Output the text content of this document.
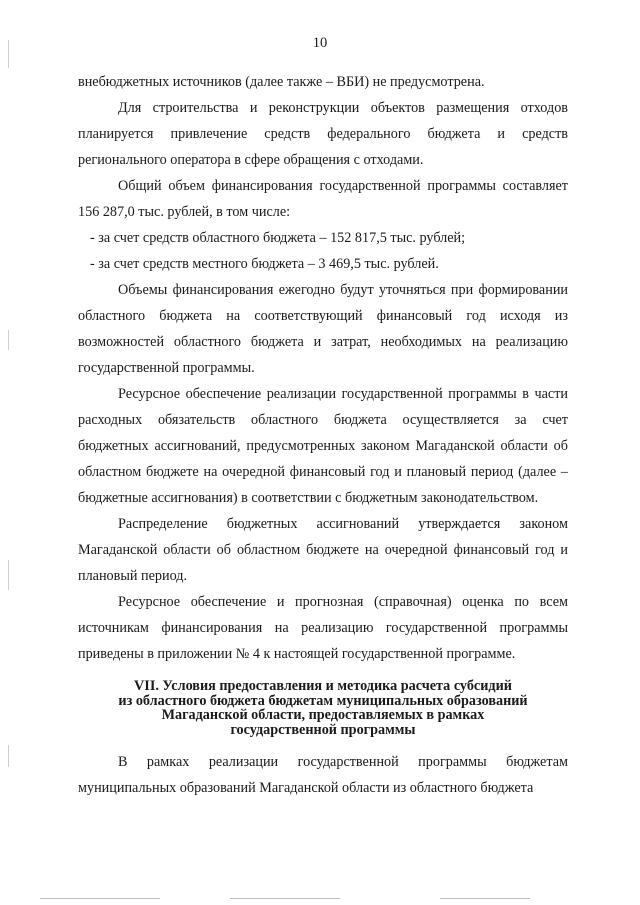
10

внебюджетных источников (далее также – ВБИ) не предусмотрена.

Для строительства и реконструкции объектов размещения отходов планируется привлечение средств федерального бюджета и средств регионального оператора в сфере обращения с отходами.

Общий объем финансирования государственной программы составляет 156 287,0 тыс. рублей, в том числе:

- за счет средств областного бюджета – 152 817,5 тыс. рублей;

- за счет средств местного бюджета – 3 469,5 тыс. рублей.

Объемы финансирования ежегодно будут уточняться при формировании областного бюджета на соответствующий финансовый год исходя из возможностей областного бюджета и затрат, необходимых на реализацию государственной программы.

Ресурсное обеспечение реализации государственной программы в части расходных обязательств областного бюджета осуществляется за счет бюджетных ассигнований, предусмотренных законом Магаданской области об областном бюджете на очередной финансовый год и плановый период (далее – бюджетные ассигнования) в соответствии с бюджетным законодательством.

Распределение бюджетных ассигнований утверждается законом Магаданской области об областном бюджете на очередной финансовый год и плановый период.

Ресурсное обеспечение и прогнозная (справочная) оценка по всем источникам финансирования на реализацию государственной программы приведены в приложении № 4 к настоящей государственной программе.

VII. Условия предоставления и методика расчета субсидий
из областного бюджета бюджетам муниципальных образований
Магаданской области, предоставляемых в рамках
государственной программы

В рамках реализации государственной программы бюджетам муниципальных образований Магаданской области из областного бюджета
